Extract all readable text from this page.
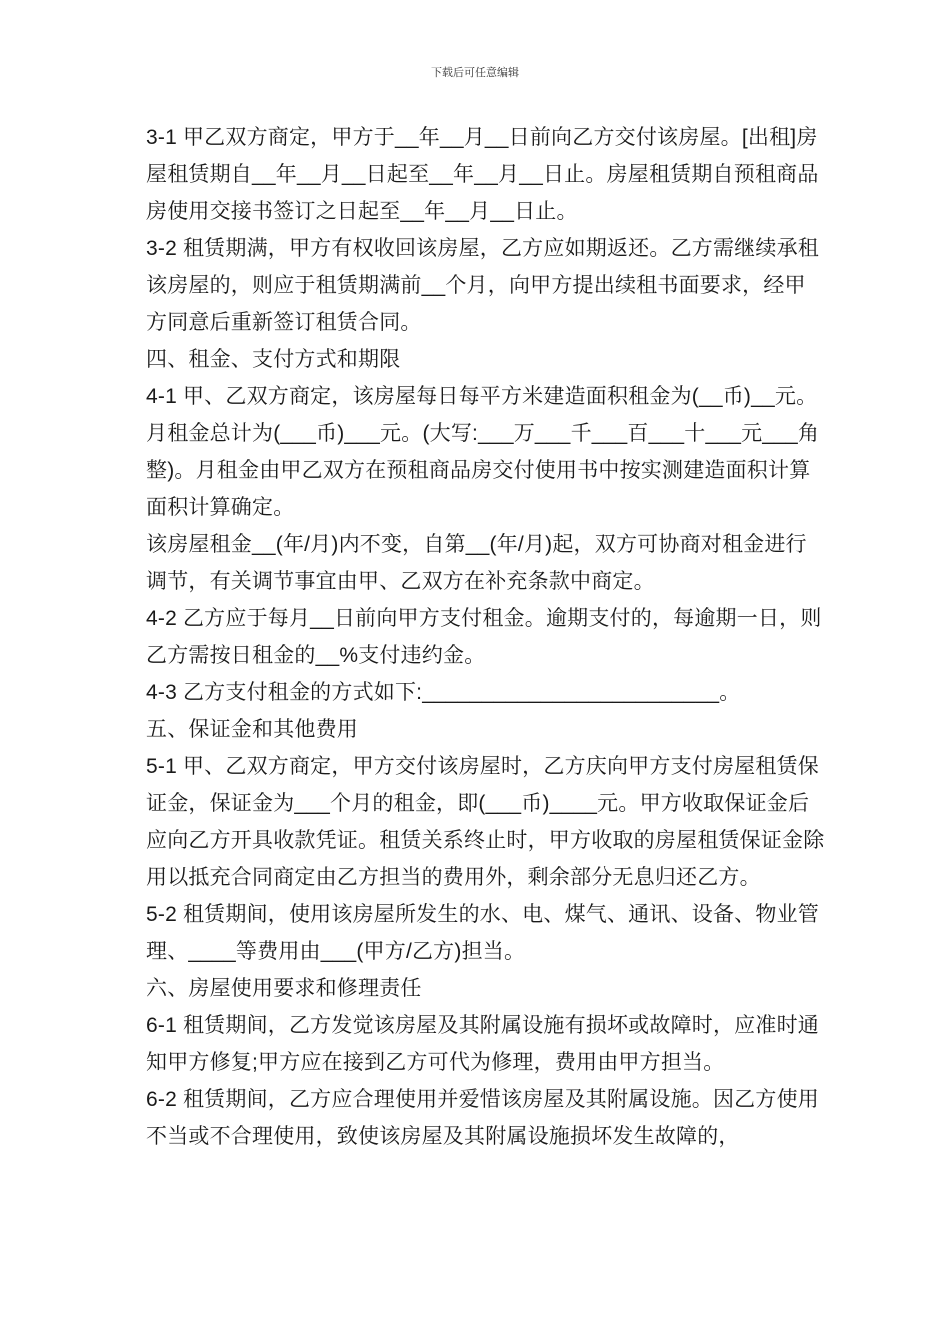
下载后可任意编辑

3-1 甲乙双方商定，甲方于__年__月__日前向乙方交付该房屋。[出租]房屋租赁期自__年__月__日起至__年__月__日止。房屋租赁期自预租商品房使用交接书签订之日起至__年__月__日止。

3-2 租赁期满，甲方有权收回该房屋，乙方应如期返还。乙方需继续承租该房屋的，则应于租赁期满前__个月，向甲方提出续租书面要求，经甲方同意后重新签订租赁合同。

四、租金、支付方式和期限

4-1 甲、乙双方商定，该房屋每日每平方米建造面积租金为(__币)__元。月租金总计为(___币)___元。(大写:___万___千___百___十___元___角整)。月租金由甲乙双方在预租商品房交付使用书中按实测建造面积计算面积计算确定。

该房屋租金__(年/月)内不变，自第__(年/月)起，双方可协商对租金进行调节，有关调节事宜由甲、乙双方在补充条款中商定。

4-2 乙方应于每月__日前向甲方支付租金。逾期支付的，每逾期一日，则乙方需按日租金的__%支付违约金。

4-3 乙方支付租金的方式如下:_________________________。

五、保证金和其他费用

5-1 甲、乙双方商定，甲方交付该房屋时，乙方庆向甲方支付房屋租赁保证金，保证金为___个月的租金，即(___币)____元。甲方收取保证金后应向乙方开具收款凭证。租赁关系终止时，甲方收取的房屋租赁保证金除用以抵充合同商定由乙方担当的费用外，剩余部分无息归还乙方。

5-2 租赁期间，使用该房屋所发生的水、电、煤气、通讯、设备、物业管理、____等费用由___(甲方/乙方)担当。

六、房屋使用要求和修理责任

6-1 租赁期间，乙方发觉该房屋及其附属设施有损坏或故障时，应准时通知甲方修复;甲方应在接到乙方可代为修理，费用由甲方担当。

6-2 租赁期间，乙方应合理使用并爱惜该房屋及其附属设施。因乙方使用不当或不合理使用，致使该房屋及其附属设施损坏发生故障的，
